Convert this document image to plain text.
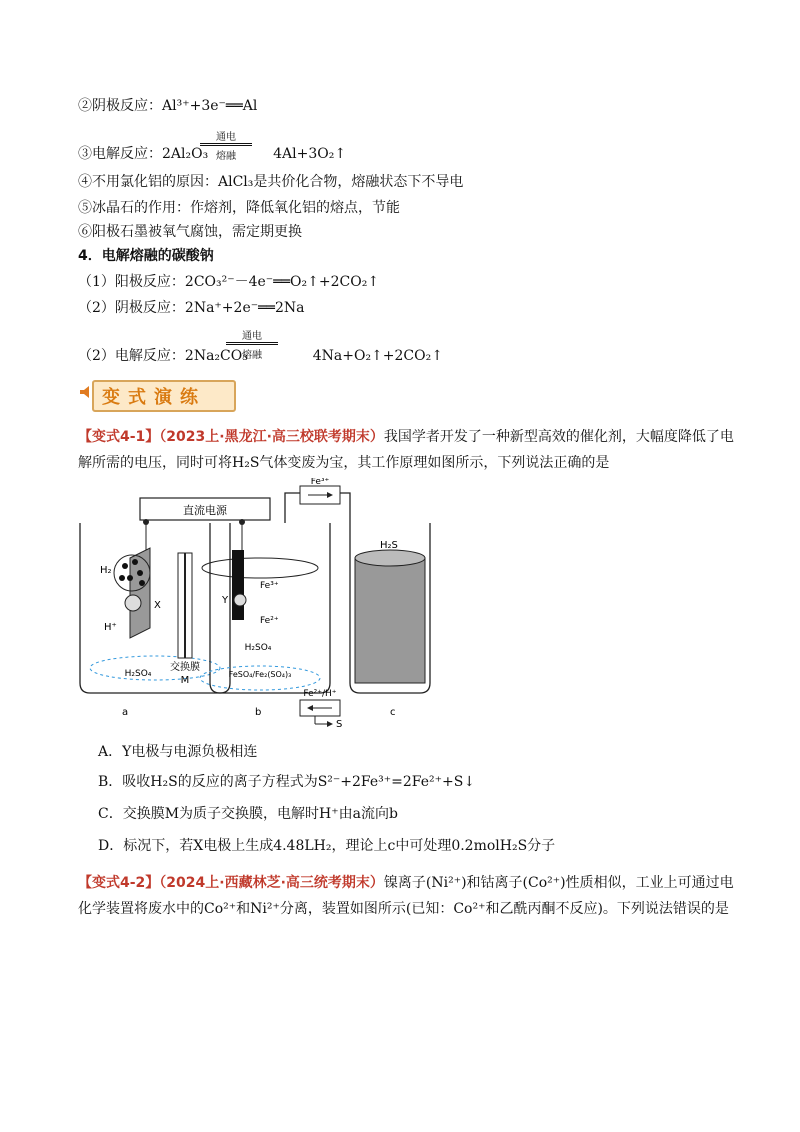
②阴极反应：Al³⁺+3e⁻══Al
③电解反应：2Al₂O₃	4Al+3O₂↑
通电
熔融
④不用氯化铝的原因：AlCl₃是共价化合物，熔融状态下不导电
⑤冰晶石的作用：作熔剂，降低氧化铝的熔点，节能
⑥阳极石墨被氧气腐蚀，需定期更换
4．电解熔融的碳酸钠
（1）阳极反应：2CO₃²⁻－4e⁻══O₂↑+2CO₂↑
（2）阴极反应：2Na⁺+2e⁻══2Na
（2）电解反应：2Na₂CO₃	4Na+O₂↑+2CO₂↑
通电
熔融
变式演练
【变式4-1】（2023上·黑龙江·高三校联考期末）我国学者开发了一种新型高效的催化剂，大幅度降低了电
解所需的电压，同时可将H₂S气体变废为宝，其工作原理如图所示，下列说法正确的是
直流电源
H₂
X
H⁺
H₂SO₄
交换膜
M
Y
Fe³⁺
Fe²⁺
H₂SO₄
FeSO₄/Fe₂(SO₄)₃
Fe³⁺
Fe²⁺/H⁺
S
a	b
H₂S
c
A．Y电极与电源负极相连
B．吸收H₂S的反应的离子方程式为S²⁻+2Fe³⁺=2Fe²⁺+S↓
C．交换膜M为质子交换膜，电解时H⁺由a流向b
D．标况下，若X电极上生成4.48LH₂，理论上c中可处理0.2molH₂S分子
【变式4-2】（2024上·西藏林芝·高三统考期末）镍离子(Ni²⁺)和钴离子(Co²⁺)性质相似，工业上可通过电
化学装置将废水中的Co²⁺和Ni²⁺分离，装置如图所示(已知：Co²⁺和乙酰丙酮不反应)。下列说法错误的是
